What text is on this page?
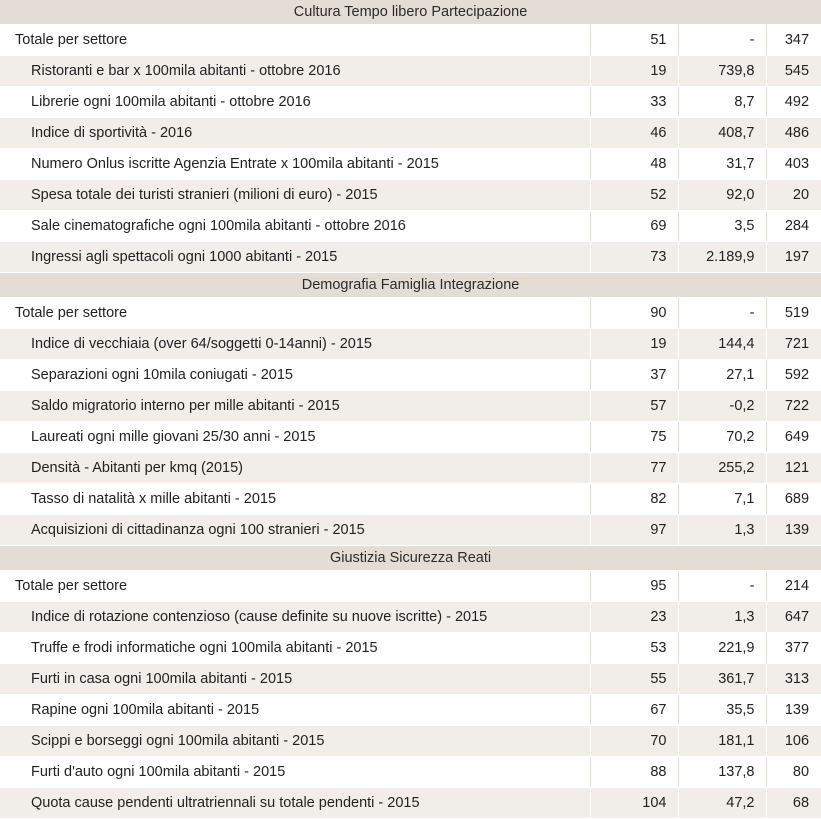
Cultura Tempo libero Partecipazione			
Totale per settore	51	-	347
Ristoranti e bar x 100mila abitanti - ottobre 2016	19	739,8	545
Librerie ogni 100mila abitanti - ottobre 2016	33	8,7	492
Indice di sportività - 2016	46	408,7	486
Numero Onlus iscritte Agenzia Entrate x 100mila abitanti - 2015	48	31,7	403
Spesa totale dei turisti stranieri (milioni di euro) - 2015	52	92,0	20
Sale cinematografiche ogni 100mila abitanti - ottobre 2016	69	3,5	284
Ingressi agli spettacoli ogni 1000 abitanti - 2015	73	2.189,9	197
Demografia Famiglia Integrazione			
Totale per settore	90	-	519
Indice di vecchiaia (over 64/soggetti 0-14anni) - 2015	19	144,4	721
Separazioni ogni 10mila coniugati - 2015	37	27,1	592
Saldo migratorio interno per mille abitanti - 2015	57	-0,2	722
Laureati ogni mille giovani 25/30 anni - 2015	75	70,2	649
Densità - Abitanti per kmq (2015)	77	255,2	121
Tasso di natalità x mille abitanti - 2015	82	7,1	689
Acquisizioni di cittadinanza ogni 100 stranieri - 2015	97	1,3	139
Giustizia Sicurezza Reati			
Totale per settore	95	-	214
Indice di rotazione contenzioso (cause definite su nuove iscritte) - 2015	23	1,3	647
Truffe e frodi informatiche ogni 100mila abitanti - 2015	53	221,9	377
Furti in casa ogni 100mila abitanti - 2015	55	361,7	313
Rapine ogni 100mila abitanti - 2015	67	35,5	139
Scippi e borseggi ogni 100mila abitanti - 2015	70	181,1	106
Furti d'auto ogni 100mila abitanti - 2015	88	137,8	80
Quota cause pendenti ultratriennali su totale pendenti - 2015	104	47,2	68
